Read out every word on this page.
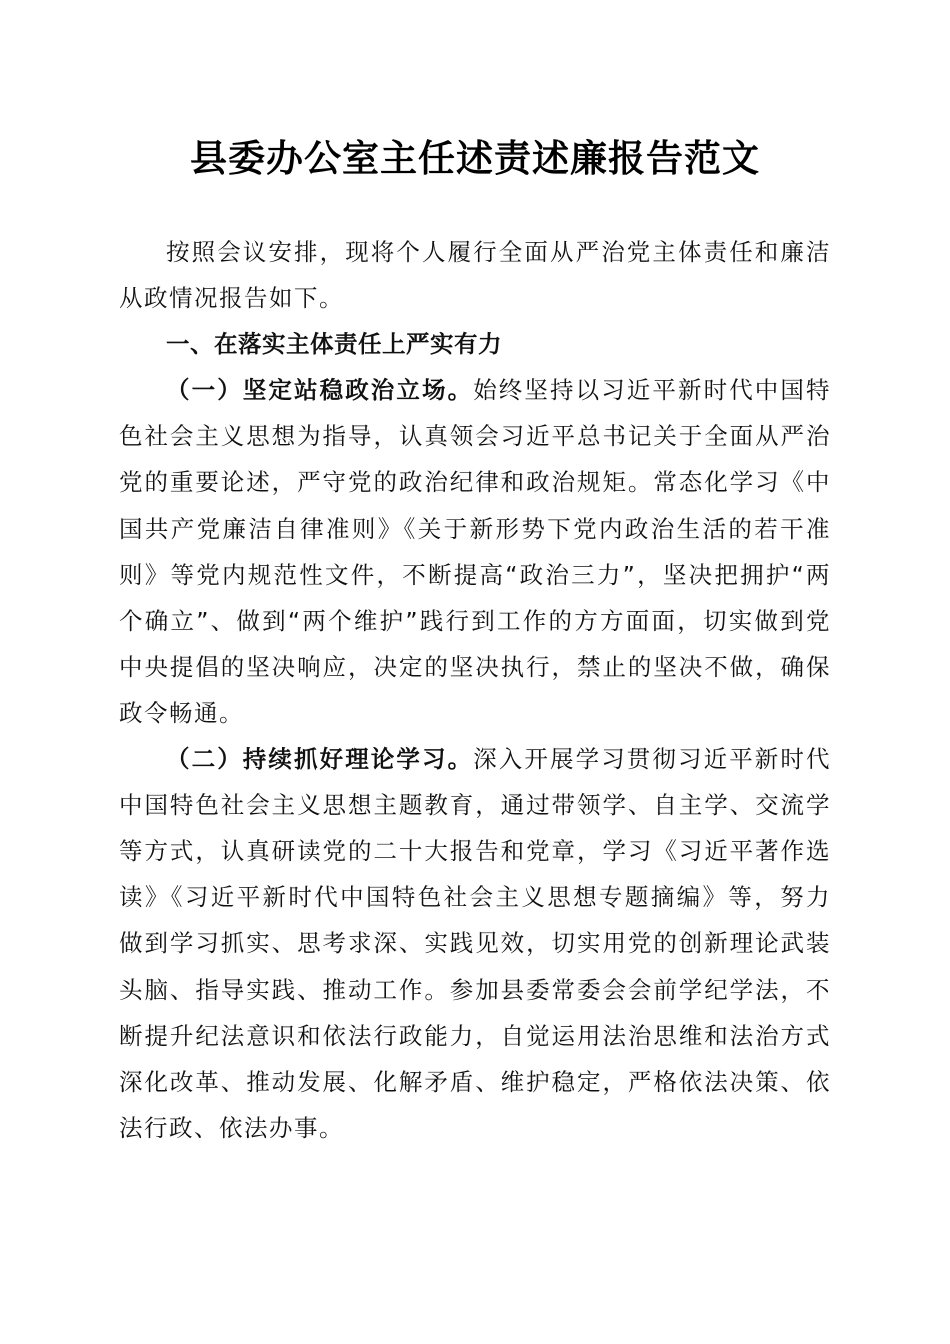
县委办公室主任述责述廉报告范文

按照会议安排，现将个人履行全面从严治党主体责任和廉洁从政情况报告如下。

一、在落实主体责任上严实有力

（一）坚定站稳政治立场。始终坚持以习近平新时代中国特色社会主义思想为指导，认真领会习近平总书记关于全面从严治党的重要论述，严守党的政治纪律和政治规矩。常态化学习《中国共产党廉洁自律准则》《关于新形势下党内政治生活的若干准则》等党内规范性文件，不断提高“政治三力”，坚决把拥护“两个确立”、做到“两个维护”践行到工作的方方面面，切实做到党中央提倡的坚决响应，决定的坚决执行，禁止的坚决不做，确保政令畅通。

（二）持续抓好理论学习。深入开展学习贯彻习近平新时代中国特色社会主义思想主题教育，通过带领学、自主学、交流学等方式，认真研读党的二十大报告和党章，学习《习近平著作选读》《习近平新时代中国特色社会主义思想专题摘编》等，努力做到学习抓实、思考求深、实践见效，切实用党的创新理论武装头脑、指导实践、推动工作。参加县委常委会会前学纪学法，不断提升纪法意识和依法行政能力，自觉运用法治思维和法治方式深化改革、推动发展、化解矛盾、维护稳定，严格依法决策、依法行政、依法办事。
